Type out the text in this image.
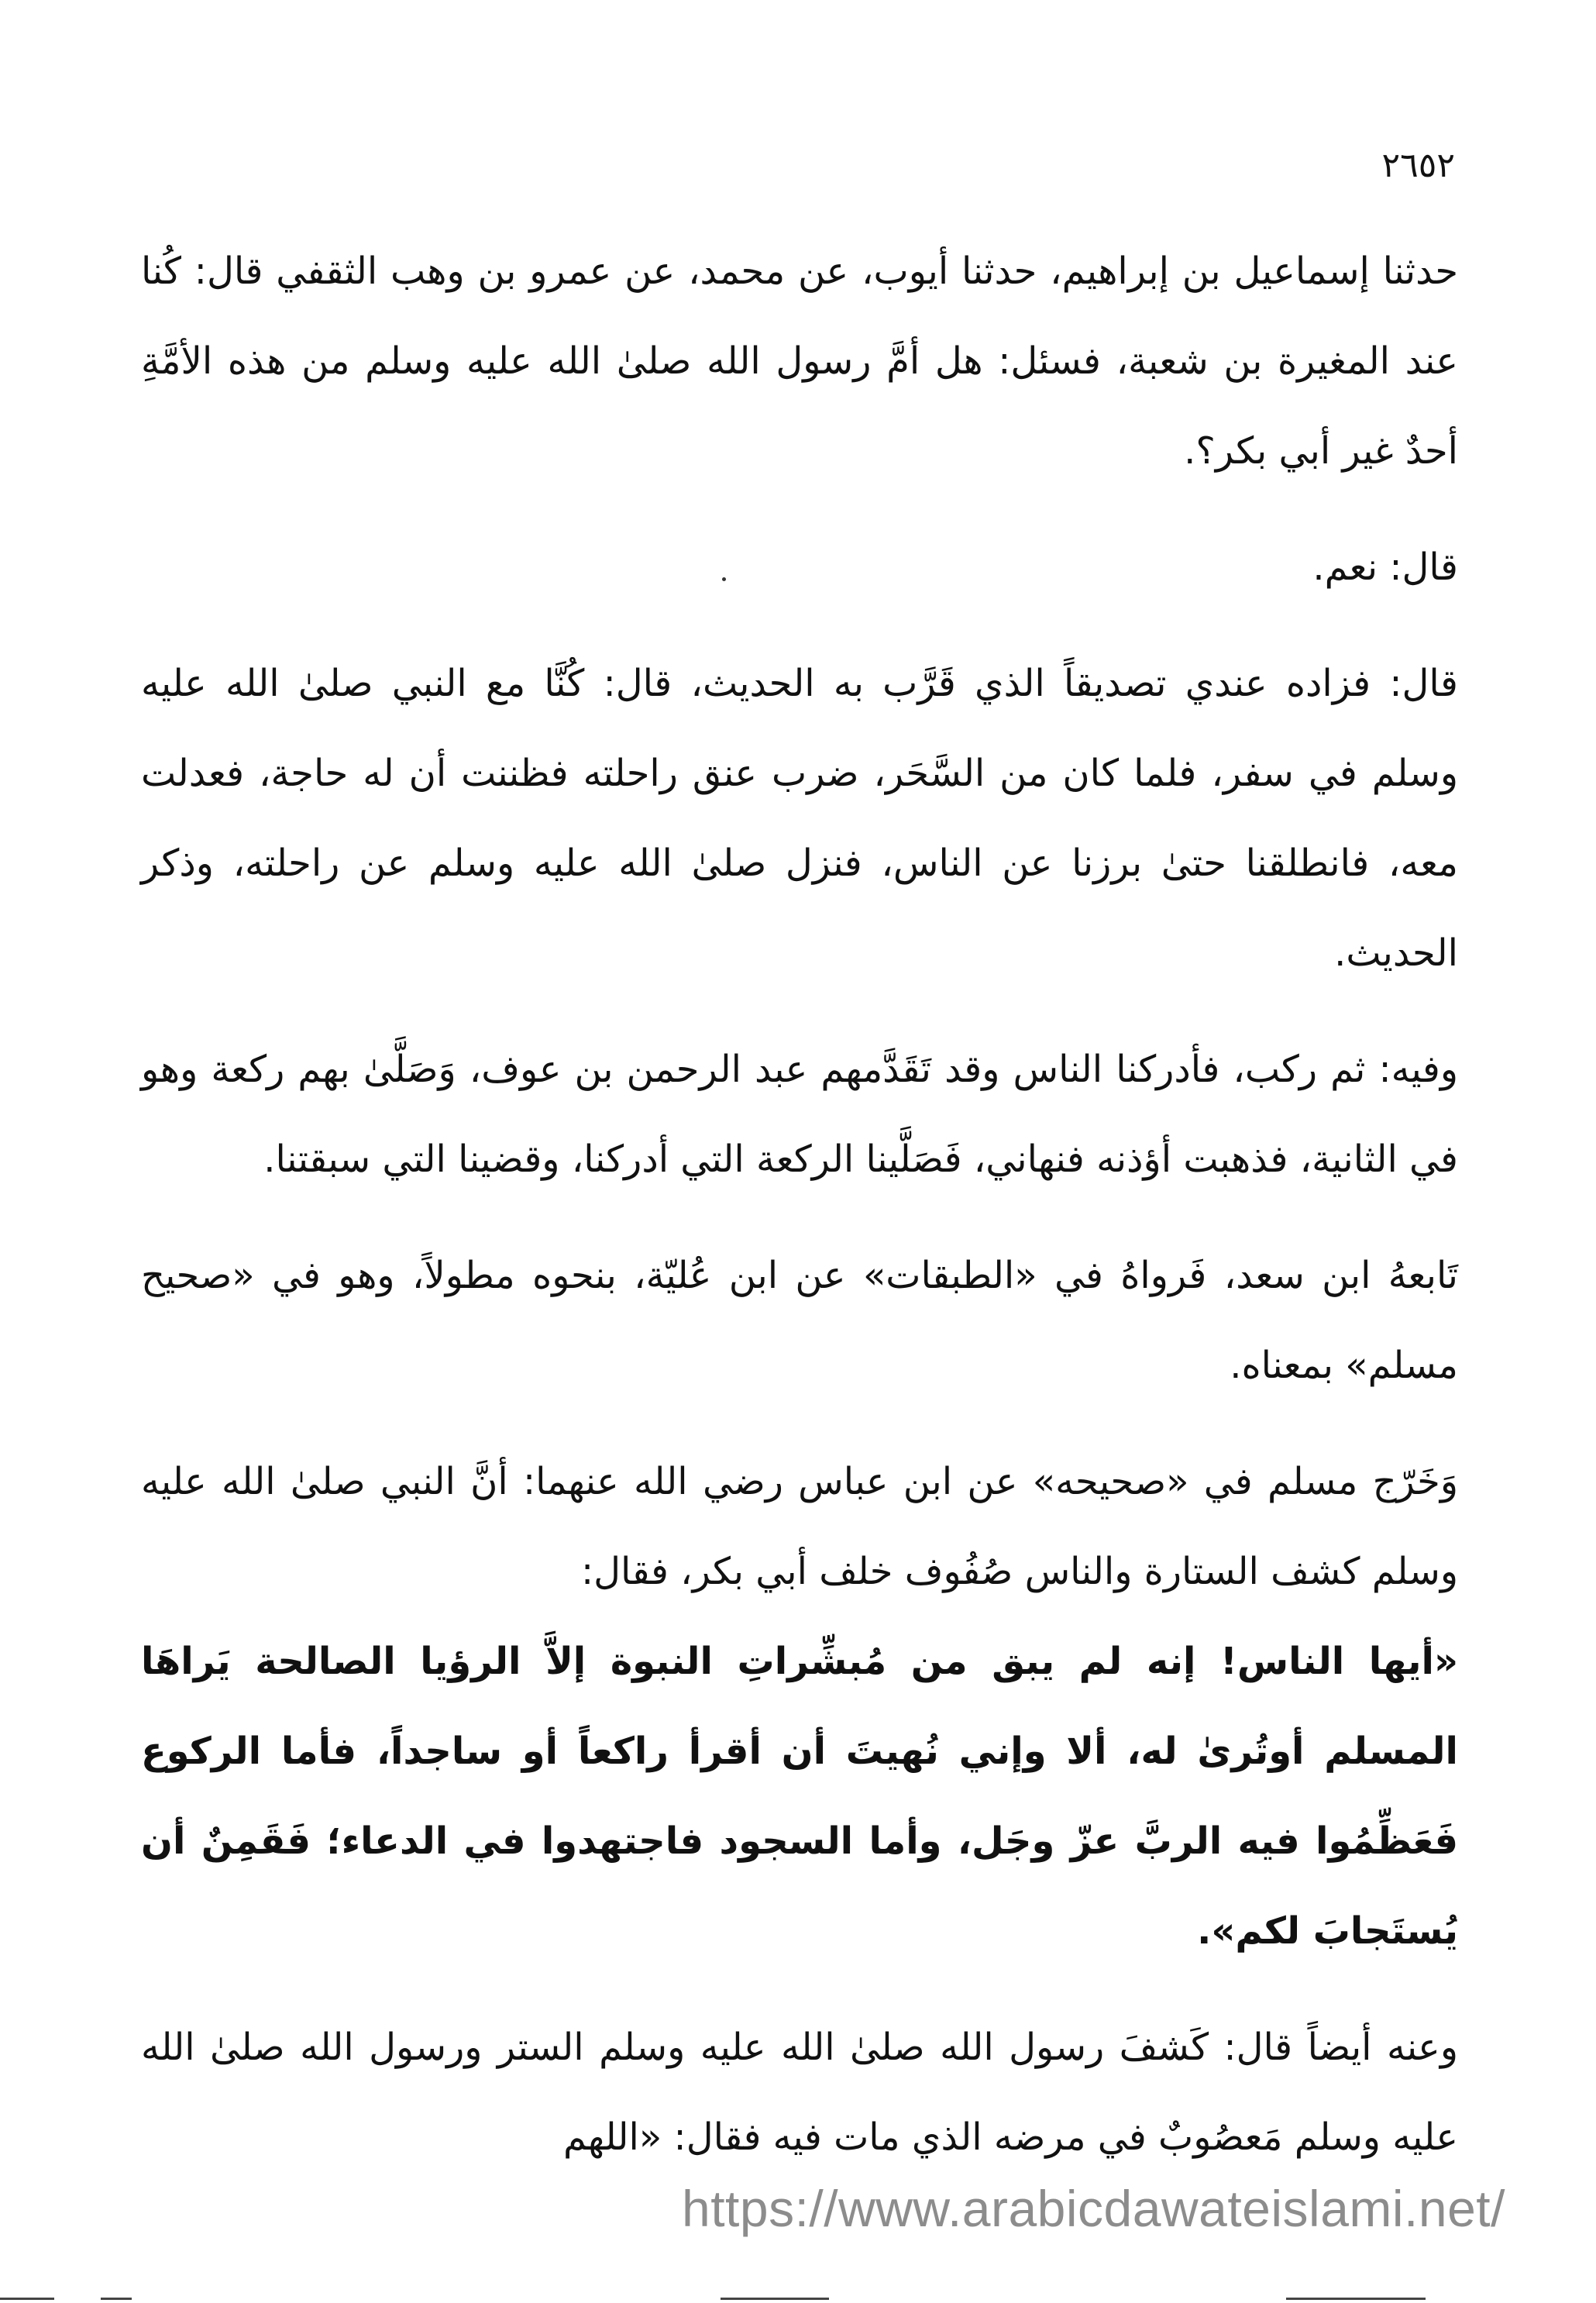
٢٦٥٢

حدثنا إسماعيل بن إبراهيم، حدثنا أيوب، عن محمد، عن عمرو بن وهب الثقفي قال: كُنا عند المغيرة بن شعبة، فسئل: هل أمَّ رسول الله صلىٰ الله عليه وسلم من هذه الأمَّةِ أحدٌ غير أبي بكر؟.

قال: نعم.

قال: فزاده عندي تصديقاً الذي قَرَّب به الحديث، قال: كُنَّا مع النبي صلىٰ الله عليه وسلم في سفر، فلما كان من السَّحَر، ضرب عنق راحلته فظننت أن له حاجة، فعدلت معه، فانطلقنا حتىٰ برزنا عن الناس، فنزل صلىٰ الله عليه وسلم عن راحلته، وذكر الحديث.

وفيه: ثم ركب، فأدركنا الناس وقد تَقَدَّمهم عبد الرحمن بن عوف، وَصَلَّىٰ بهم ركعة وهو في الثانية، فذهبت أؤذنه فنهاني، فَصَلَّينا الركعة التي أدركنا، وقضينا التي سبقتنا.

تَابعهُ ابن سعد، فَرواهُ في «الطبقات» عن ابن عُليّة، بنحوه مطولاً، وهو في «صحيح مسلم» بمعناه.

وَخَرّج مسلم في «صحيحه» عن ابن عباس رضي الله عنهما: أنَّ النبي صلىٰ الله عليه وسلم كشف الستارة والناس صُفُوف خلف أبي بكر، فقال:

«أيها الناس! إنه لم يبق من مُبشِّراتِ النبوة إلاَّ الرؤيا الصالحة يَراهَا المسلم أوتُرىٰ له، ألا وإني نُهيتَ أن أقرأ راكعاً أو ساجداً، فأما الركوع فَعَظِّمُوا فيه الربَّ عزّ وجَل، وأما السجود فاجتهدوا في الدعاء؛ فَقَمِنٌ أن يُستَجابَ لكم».

وعنه أيضاً قال: كَشفَ رسول الله صلىٰ الله عليه وسلم الستر ورسول الله صلىٰ الله عليه وسلم مَعصُوبٌ في مرضه الذي مات فيه فقال: «اللهم

https://www.arabicdawateislami.net/
